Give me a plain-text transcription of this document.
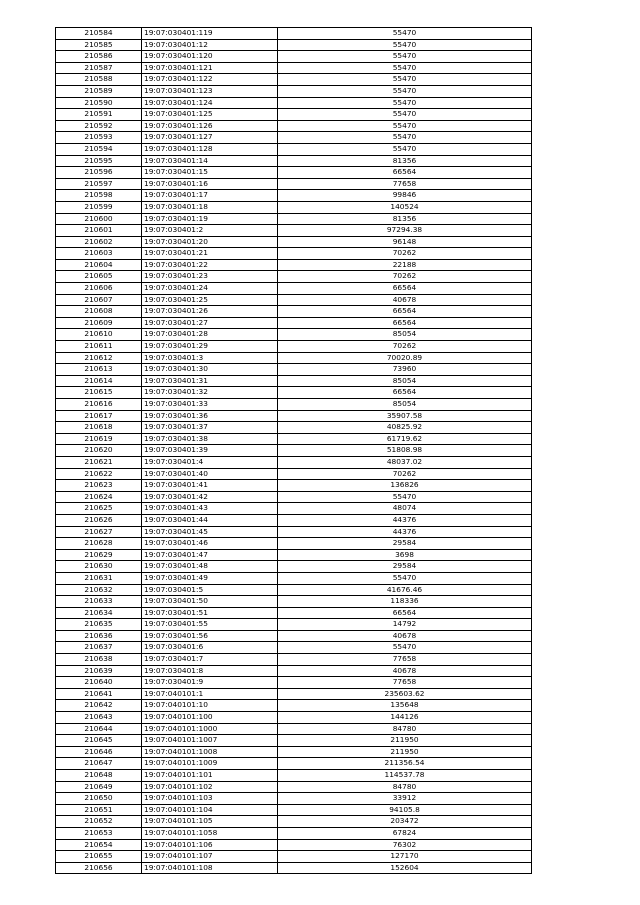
210584	19:07:030401:119	55470
210585	19:07:030401:12	55470
210586	19:07:030401:120	55470
210587	19:07:030401:121	55470
210588	19:07:030401:122	55470
210589	19:07:030401:123	55470
210590	19:07:030401:124	55470
210591	19:07:030401:125	55470
210592	19:07:030401:126	55470
210593	19:07:030401:127	55470
210594	19:07:030401:128	55470
210595	19:07:030401:14	81356
210596	19:07:030401:15	66564
210597	19:07:030401:16	77658
210598	19:07:030401:17	99846
210599	19:07:030401:18	140524
210600	19:07:030401:19	81356
210601	19:07:030401:2	97294.38
210602	19:07:030401:20	96148
210603	19:07:030401:21	70262
210604	19:07:030401:22	22188
210605	19:07:030401:23	70262
210606	19:07:030401:24	66564
210607	19:07:030401:25	40678
210608	19:07:030401:26	66564
210609	19:07:030401:27	66564
210610	19:07:030401:28	85054
210611	19:07:030401:29	70262
210612	19:07:030401:3	70020.89
210613	19:07:030401:30	73960
210614	19:07:030401:31	85054
210615	19:07:030401:32	66564
210616	19:07:030401:33	85054
210617	19:07:030401:36	35907.58
210618	19:07:030401:37	40825.92
210619	19:07:030401:38	61719.62
210620	19:07:030401:39	51808.98
210621	19:07:030401:4	48037.02
210622	19:07:030401:40	70262
210623	19:07:030401:41	136826
210624	19:07:030401:42	55470
210625	19:07:030401:43	48074
210626	19:07:030401:44	44376
210627	19:07:030401:45	44376
210628	19:07:030401:46	29584
210629	19:07:030401:47	3698
210630	19:07:030401:48	29584
210631	19:07:030401:49	55470
210632	19:07:030401:5	41676.46
210633	19:07:030401:50	118336
210634	19:07:030401:51	66564
210635	19:07:030401:55	14792
210636	19:07:030401:56	40678
210637	19:07:030401:6	55470
210638	19:07:030401:7	77658
210639	19:07:030401:8	40678
210640	19:07:030401:9	77658
210641	19:07:040101:1	235603.62
210642	19:07:040101:10	135648
210643	19:07:040101:100	144126
210644	19:07:040101:1000	84780
210645	19:07:040101:1007	211950
210646	19:07:040101:1008	211950
210647	19:07:040101:1009	211356.54
210648	19:07:040101:101	114537.78
210649	19:07:040101:102	84780
210650	19:07:040101:103	33912
210651	19:07:040101:104	94105.8
210652	19:07:040101:105	203472
210653	19:07:040101:1058	67824
210654	19:07:040101:106	76302
210655	19:07:040101:107	127170
210656	19:07:040101:108	152604
